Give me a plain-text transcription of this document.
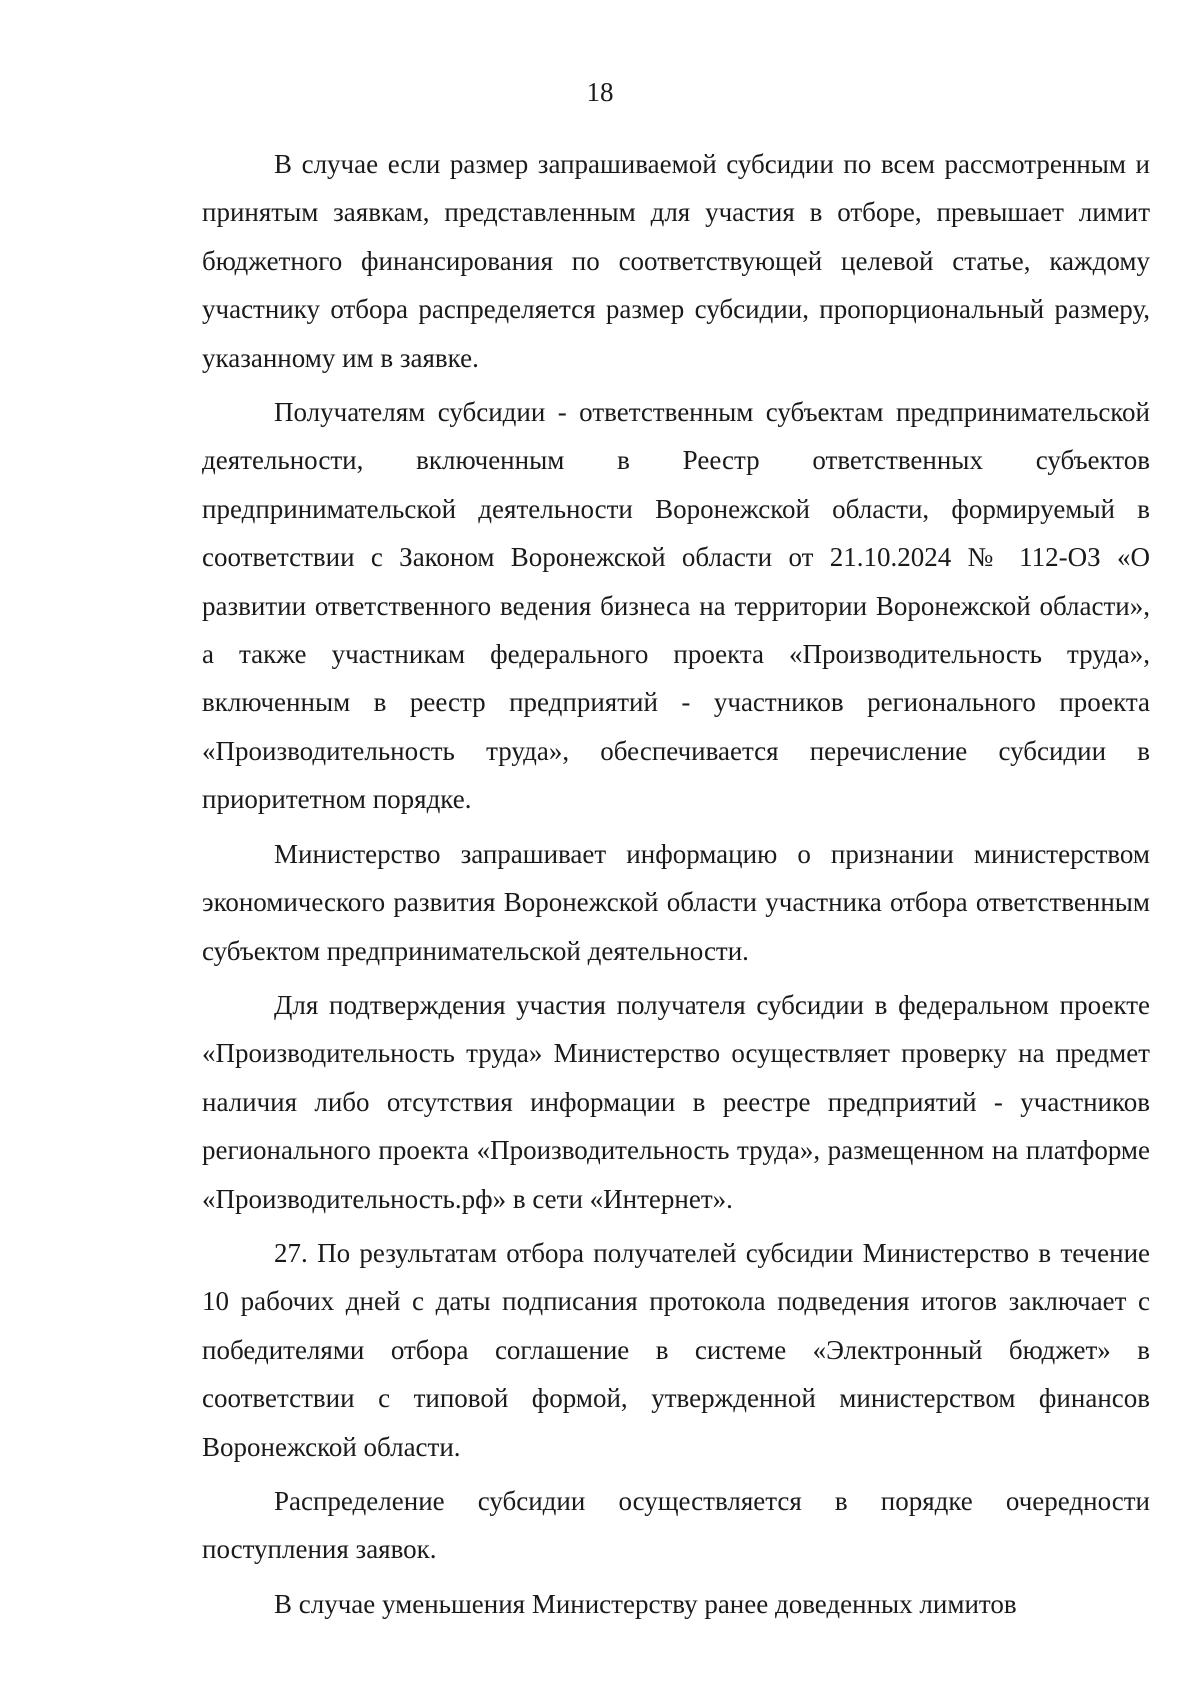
18

В случае если размер запрашиваемой субсидии по всем рассмотренным и принятым заявкам, представленным для участия в отборе, превышает лимит бюджетного финансирования по соответствующей целевой статье, каждому участнику отбора распределяется размер субсидии, пропорциональный размеру, указанному им в заявке.

Получателям субсидии - ответственным субъектам предпринимательской деятельности, включенным в Реестр ответственных субъектов предпринимательской деятельности Воронежской области, формируемый в соответствии с Законом Воронежской области от 21.10.2024 № 112-ОЗ «О развитии ответственного ведения бизнеса на территории Воронежской области», а также участникам федерального проекта «Производительность труда», включенным в реестр предприятий - участников регионального проекта «Производительность труда», обеспечивается перечисление субсидии в приоритетном порядке.

Министерство запрашивает информацию о признании министерством экономического развития Воронежской области участника отбора ответственным субъектом предпринимательской деятельности.

Для подтверждения участия получателя субсидии в федеральном проекте «Производительность труда» Министерство осуществляет проверку на предмет наличия либо отсутствия информации в реестре предприятий - участников регионального проекта «Производительность труда», размещенном на платформе «Производительность.рф» в сети «Интернет».

27. По результатам отбора получателей субсидии Министерство в течение 10 рабочих дней с даты подписания протокола подведения итогов заключает с победителями отбора соглашение в системе «Электронный бюджет» в соответствии с типовой формой, утвержденной министерством финансов Воронежской области.

Распределение субсидии осуществляется в порядке очередности поступления заявок.

В случае уменьшения Министерству ранее доведенных лимитов
